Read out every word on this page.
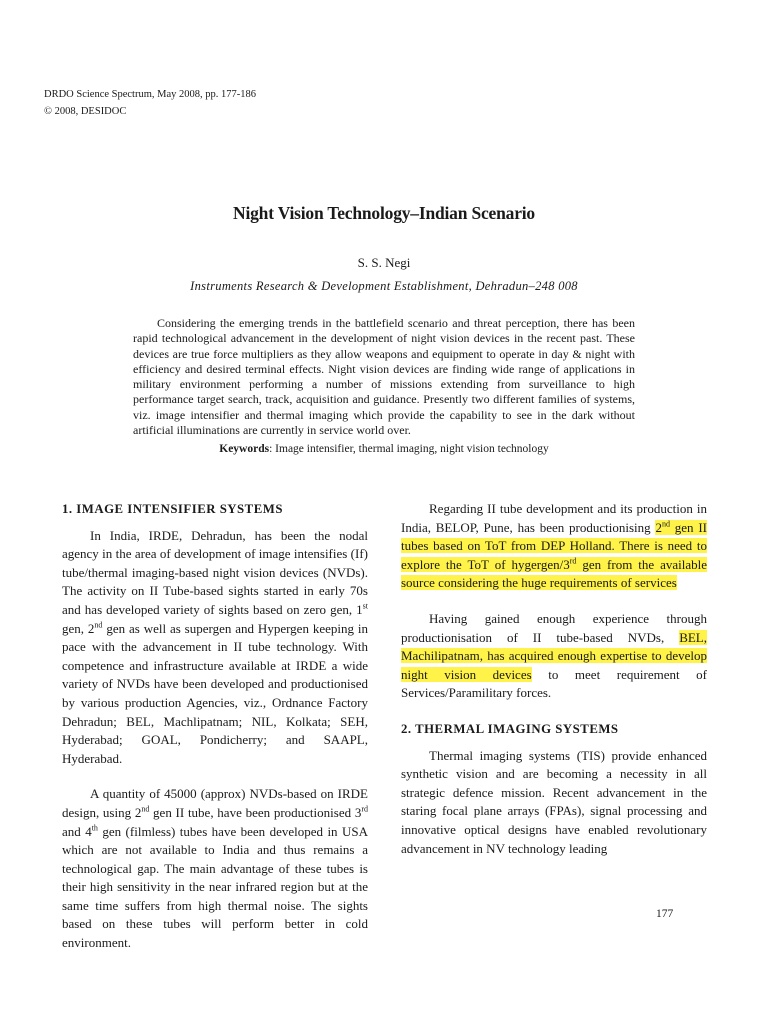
DRDO Science Spectrum, May 2008, pp. 177-186
© 2008, DESIDOC
Night Vision Technology–Indian Scenario
S. S. Negi
Instruments Research & Development Establishment, Dehradun–248 008
Considering the emerging trends in the battlefield scenario and threat perception, there has been rapid technological advancement in the development of night vision devices in the recent past. These devices are true force multipliers as they allow weapons and equipment to operate in day & night with efficiency and desired terminal effects. Night vision devices are finding wide range of applications in military environment performing a number of missions extending from surveillance to high performance target search, track, acquisition and guidance. Presently two different families of systems, viz. image intensifier and thermal imaging which provide the capability to see in the dark without artificial illuminations are currently in service world over.
Keywords: Image intensifier, thermal imaging, night vision technology
1. IMAGE INTENSIFIER SYSTEMS

In India, IRDE, Dehradun, has been the nodal agency in the area of development of image intensifies (If) tube/thermal imaging-based night vision devices (NVDs). The activity on II Tube-based sights started in early 70s and has developed variety of sights based on zero gen, 1st gen, 2nd gen as well as supergen and Hypergen keeping in pace with the advancement in II tube technology. With competence and infrastructure available at IRDE a wide variety of NVDs have been developed and productionised by various production Agencies, viz., Ordnance Factory Dehradun; BEL, Machlipatnam; NIL, Kolkata; SEH, Hyderabad; GOAL, Pondicherry; and SAAPL, Hyderabad.

A quantity of 45000 (approx) NVDs-based on IRDE design, using 2nd gen II tube, have been productionised 3rd and 4th gen (filmless) tubes have been developed in USA which are not available to India and thus remains a technological gap. The main advantage of these tubes is their high sensitivity in the near infrared region but at the same time suffers from high thermal noise. The sights based on these tubes will perform better in cold environment.

Regarding II tube development and its production in India, BELOP, Pune, has been productionising 2nd gen II tubes based on ToT from DEP Holland. There is need to explore the ToT of hygergen/3rd gen from the available source considering the huge requirements of services

Having gained enough experience through productionisation of II tube-based NVDs, BEL, Machilipatnam, has acquired enough expertise to develop night vision devices to meet requirement of Services/Paramilitary forces.

2. THERMAL IMAGING SYSTEMS

Thermal imaging systems (TIS) provide enhanced synthetic vision and are becoming a necessity in all strategic defence mission. Recent advancement in the staring focal plane arrays (FPAs), signal processing and innovative optical designs have enabled revolutionary advancement in NV technology leading

177
